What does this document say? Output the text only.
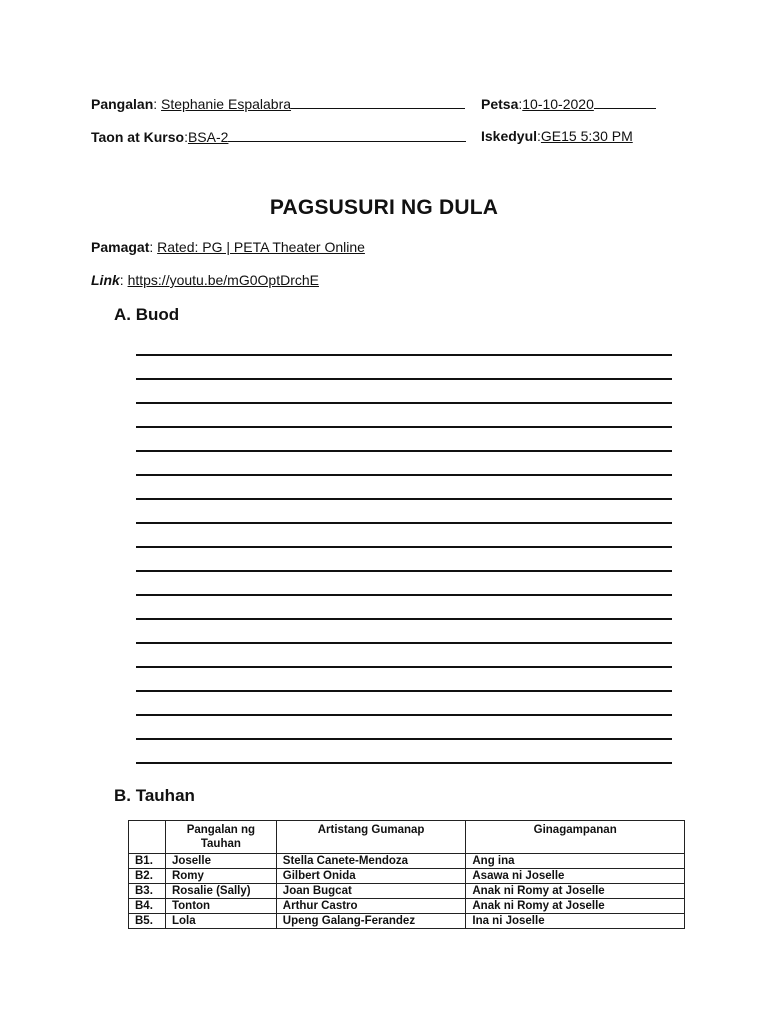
Pangalan: Stephanie Espalabra	Petsa:10-10-2020
Taon at Kurso:BSA-2	Iskedyul:GE15 5:30 PM
PAGSUSURI NG DULA
Pamagat: Rated: PG | PETA Theater Online
Link: https://youtu.be/mG0OptDrchE
A. Buod
B. Tauhan
	Pangalan ng Tauhan	Artistang Gumanap	Ginagampanan
B1.	Joselle	Stella Canete-Mendoza	Ang ina
B2.	Romy	Gilbert Onida	Asawa ni Joselle
B3.	Rosalie (Sally)	Joan Bugcat	Anak ni Romy at Joselle
B4.	Tonton	Arthur Castro	Anak ni Romy at Joselle
B5.	Lola	Upeng Galang-Ferandez	Ina ni Joselle
